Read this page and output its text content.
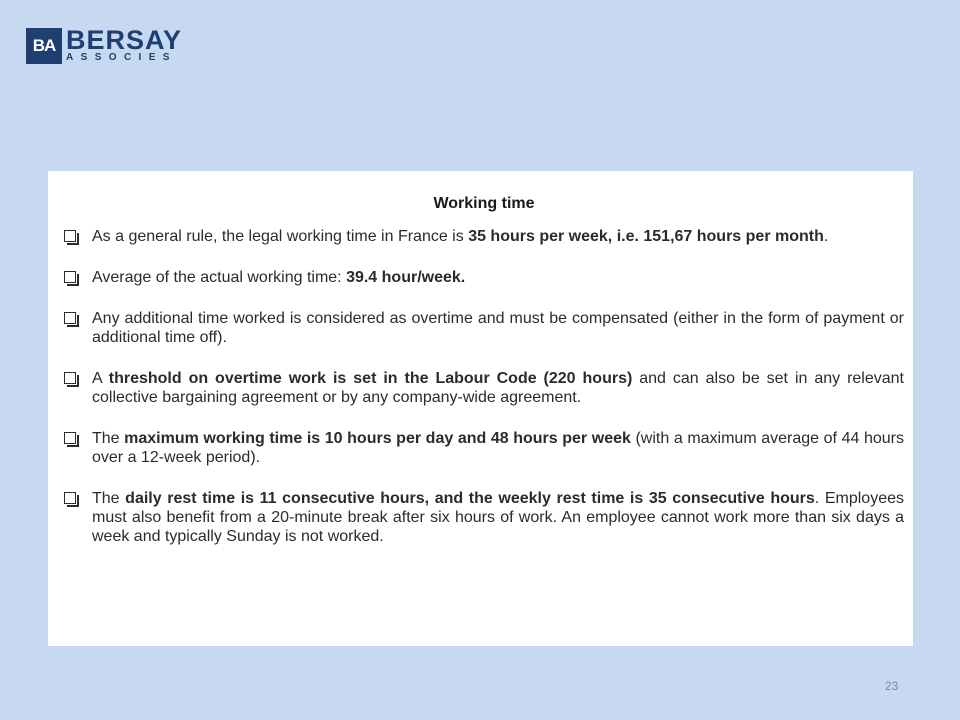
BA BERSAY
ASSOCIES
Working time
As a general rule, the legal working time in France is 35 hours per week, i.e. 151,67 hours per month.
Average of the actual working time: 39.4 hour/week.
Any additional time worked is considered as overtime and must be compensated (either in the form of payment or additional time off).
A threshold on overtime work is set in the Labour Code (220 hours) and can also be set in any relevant collective bargaining agreement or by any company-wide agreement.
The maximum working time is 10 hours per day and 48 hours per week (with a maximum average of 44 hours over a 12-week period).
The daily rest time is 11 consecutive hours, and the weekly rest time is 35 consecutive hours. Employees must also benefit from a 20-minute break after six hours of work. An employee cannot work more than six days a week and typically Sunday is not worked.
23
